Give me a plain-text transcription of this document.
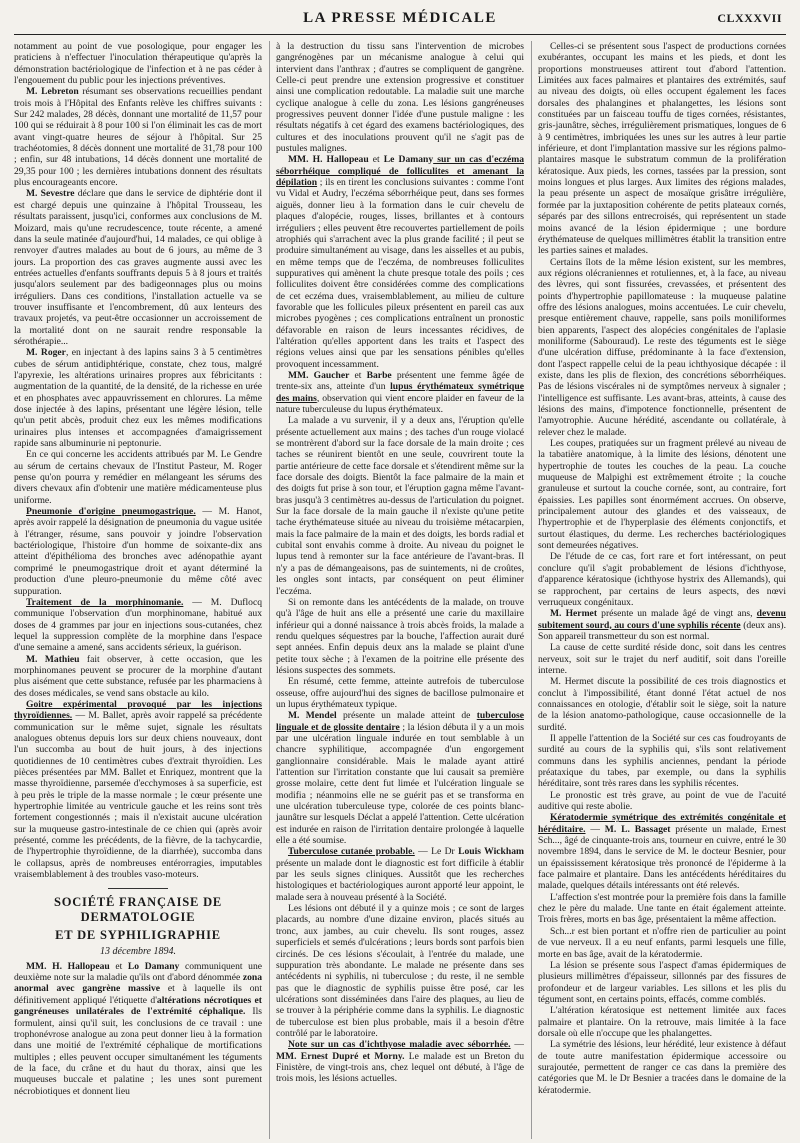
LA PRESSE MÉDICALE	CLXXXVII

notamment au point de vue posologique, pour engager les praticiens à n'effectuer l'inoculation thérapeutique qu'après la démonstration bactériologique de l'infection et à ne pas céder à l'engouement du public pour les injections préventives.

M. Lebreton résumant ses observations recueillies pendant trois mois à l'Hôpital des Enfants relève les chiffres suivants : Sur 242 malades, 28 décès, donnant une mortalité de 11,57 pour 100 qui se réduirait à 8 pour 100 si l'on éliminait les cas de mort avant vingt-quatre heures de séjour à l'hôpital. Sur 25 trachéotomies, 8 décès donnent une mortalité de 31,78 pour 100 ; enfin, sur 48 intubations, 14 décès donnent une mortalité de 29,35 pour 100 ; les dernières intubations donnent des résultats plus encourageants encore.

M. Sevestre déclare que dans le service de diphtérie dont il est chargé depuis une quinzaine à l'hôpital Trousseau, les résultats paraissent, jusqu'ici, conformes aux conclusions de M. Moizard, mais qu'une recrudescence, toute récente, a amené dans la seule matinée d'aujourd'hui, 14 malades, ce qui oblige à renvoyer d'autres malades au bout de 6 jours, au même de 3 jours. La proportion des cas graves augmente aussi avec les entrées actuelles d'enfants souffrants depuis 5 à 8 jours et traités jusqu'alors seulement par des badigeonnages plus ou moins irréguliers. Dans ces conditions, l'installation actuelle va se trouver insuffisante et l'encombrement, dû aux lenteurs des travaux projetés, va peut-être occasionner un accroissement de la mortalité dont on ne saurait rendre responsable la sérothérapie...

M. Roger, en injectant à des lapins sains 3 à 5 centimètres cubes de sérum antidiphtérique, constate, chez tous, malgré l'apyrexie, les altérations urinaires propres aux fébricitants : augmentation de la quantité, de la densité, de la richesse en urée et en phosphates avec appauvrissement en chlorures. La même dose injectée à des lapins, présentant une légère lésion, telle qu'un petit abcès, produit chez eux les mêmes modifications urinaires plus intenses et accompagnées d'amaigrissement rapide sans albuminurie ni peptonurie.

En ce qui concerne les accidents attribués par M. Le Gendre au sérum de certains chevaux de l'Institut Pasteur, M. Roger pense qu'on pourra y remédier en mélangeant les sérums des divers chevaux afin d'obtenir une matière médicamenteuse plus uniforme.

Pneumonie d'origine pneumogastrique. — M. Hanot, après avoir rappelé la désignation de pneumonia du vague usitée à l'étranger, résume, sans pouvoir y joindre l'observation bactériologique, l'histoire d'un homme de soixante-dix ans atteint d'épithélioma des bronches avec adénopathie ayant comprimé le pneumogastrique droit et ayant déterminé la production d'une pleuro-pneumonie du même côté avec suppuration.

Traitement de la morphinomanie. — M. Duflocq communique l'observation d'un morphinomane, habitué aux doses de 4 grammes par jour en injections sous-cutanées, chez lequel la suppression complète de la morphine dans l'espace d'une semaine a amené, sans accidents sérieux, la guérison.

M. Mathieu fait observer, à cette occasion, que les morphinomanes peuvent se procurer de la morphine d'autant plus aisément que cette substance, refusée par les pharmaciens à des doses médicales, se vend sans obstacle au kilo.

Goitre expérimental provoqué par les injections thyroïdiennes. — M. Ballet, après avoir rappelé sa précédente communication sur le même sujet, signale les résultats analogues obtenus depuis lors sur deux chiens nouveaux, dont l'un succomba au bout de huit jours, à des injections quotidiennes de 10 centimètres cubes d'extrait thyroïdien. Les pièces présentées par MM. Ballet et Enriquez, montrent que la masse thyroïdienne, parsemée d'ecchymoses à sa superficie, est à peu près le triple de la masse normale ; le cœur présente une hypertrophie limitée au ventricule gauche et les reins sont très fortement congestionnés ; mais il n'existait aucune ulcération sur la muqueuse gastro-intestinale de ce chien qui (après avoir présenté, comme les précédents, de la fièvre, de la tachycardie, de l'hypertrophie thyroïdienne, de la diarrhée), succomba dans le collapsus, après de nombreuses entérorragies, imputables vraisemblablement à des troubles vaso-moteurs.

SOCIÉTÉ FRANÇAISE DE DERMATOLOGIE
ET DE SYPHILIGRAPHIE
13 décembre 1894.

MM. H. Hallopeau et Lo Damany communiquent une deuxième note sur la maladie qu'ils ont d'abord dénommée zona anormal avec gangrène massive et à laquelle ils ont définitivement appliqué l'étiquette d'altérations nécrotiques et gangréneuses unilatérales de l'extrémité céphalique. Ils formulent, ainsi qu'il suit, les conclusions de ce travail : une trophonévrose analogue au zona peut donner lieu à la formation dans une moitié de l'extrémité céphalique de mortifications multiples ; elles peuvent occuper simultanément les téguments de la face, du crâne et du haut du thorax, ainsi que les muqueuses buccale et palatine ; les unes sont purement nécrobiotiques et donnent lieu

à la destruction du tissu sans l'intervention de microbes gangrénogènes par un mécanisme analogue à celui qui intervient dans l'anthrax ; d'autres se compliquent de gangrène. Celle-ci peut prendre une extension progressive et constituer ainsi une complication redoutable. La maladie suit une marche cyclique analogue à celle du zona. Les lésions gangréneuses progressives peuvent donner l'idée d'une pustule maligne : les résultats négatifs à cet égard des examens bactériologiques, des cultures et des inoculations prouvent qu'il ne s'agit pas de pustules malignes.

MM. H. Hallopeau et Le Damany sur un cas d'eczéma séborrhéique compliqué de folliculites et amenant la dépilation ; ils en tirent les conclusions suivantes : comme l'ont vu Vidal et Audry, l'eczéma séborrhéique peut, dans ses formes aiguës, donner lieu à la formation dans le cuir chevelu de plaques d'alopécie, rouges, lisses, brillantes et à contours irréguliers ; elles peuvent être recouvertes partiellement de poils atrophiés qui s'arrachent avec la plus grande facilité ; il peut se produire simultanément au visage, dans les aisselles et au pubis, en même temps que de l'eczéma, de nombreuses folliculites suppuratives qui amènent la chute presque totale des poils ; ces folliculites doivent être considérées comme des complications de cet eczéma dues, vraisemblablement, au milieu de culture favorable que les follicules pileux présentent en pareil cas aux microbes pyogènes ; ces complications entraînent un pronostic défavorable en raison de leurs incessantes récidives, de l'altération qu'elles apportent dans les traits et l'aspect des régions velues ainsi que par les sensations pénibles qu'elles provoquent incessamment.

MM. Gaucher et Barbe présentent une femme âgée de trente-six ans, atteinte d'un lupus érythémateux symétrique des mains, observation qui vient encore plaider en faveur de la nature tuberculeuse du lupus érythémateux.

La malade a vu survenir, il y a deux ans, l'éruption qu'elle présente actuellement aux mains ; des taches d'un rouge violacé se montrèrent d'abord sur la face dorsale de la main droite ; ces taches se réunirent bientôt en une seule, couvrirent toute la partie antérieure de cette face dorsale et s'étendirent même sur la face dorsale des doigts. Bientôt la face palmaire de la main et des doigts fut prise à son tour, et l'éruption gagna même l'avant-bras jusqu'à 3 centimètres au-dessus de l'articulation du poignet. Sur la face dorsale de la main gauche il n'existe qu'une petite tache érythémateuse située au niveau du troisième métacarpien, mais la face palmaire de la main et des doigts, les bords radial et cubital sont envahis comme à droite. Au niveau du poignet le lupus tend à remonter sur la face antérieure de l'avant-bras. Il n'y a pas de démangeaisons, pas de suintements, ni de croûtes, les ongles sont intacts, par conséquent on peut éliminer l'eczéma.

Si on remonte dans les antécédents de la malade, on trouve qu'à l'âge de huit ans elle a présenté une carie du maxillaire inférieur qui a donné naissance à trois abcès froids, la malade a rendu quelques séquestres par la bouche, l'affection aurait duré sept années. Enfin depuis deux ans la malade se plaint d'une petite toux sèche ; à l'examen de la poitrine elle présente des lésions suspectes des sommets.

En résumé, cette femme, atteinte autrefois de tuberculose osseuse, offre aujourd'hui des signes de bacillose pulmonaire et un lupus érythémateux typique.

M. Mendel présente un malade atteint de tuberculose linguale et de glossite dentaire ; la lésion débuta il y a un mois par une ulcération linguale indurée en tout semblable à un chancre syphilitique, accompagnée d'un engorgement ganglionnaire considérable. Mais le malade ayant attiré l'attention sur l'irritation constante que lui causait sa première grosse molaire, cette dent fut limée et l'ulcération linguale se modifia ; néanmoins elle ne se guérit pas et se transforma en une ulcération tuberculeuse type, colorée de ces points blanc-jaunâtre sur lesquels Déclat a appelé l'attention. Cette ulcération est indurée en raison de l'irritation dentaire prolongée à laquelle elle a été soumise.

Tuberculose cutanée probable. — Le Dr Louis Wickham présente un malade dont le diagnostic est fort difficile à établir par les seuls signes cliniques. Aussitôt que les recherches histologiques et bactériologiques auront apporté leur appoint, le malade sera à nouveau présenté à la Société.

Les lésions ont débuté il y a quinze mois ; ce sont de larges placards, au nombre d'une dizaine environ, placés situés au tronc, aux jambes, au cuir chevelu. Ils sont rouges, assez superficiels et semés d'ulcérations ; leurs bords sont parfois bien circinés. De ces lésions s'écoulait, à l'entrée du malade, une suppuration très abondante. Le malade ne présente dans ses antécédents ni syphilis, ni tuberculose ; du reste, il ne semble pas que le diagnostic de syphilis puisse être posé, car les ulcérations sont disséminées dans l'aire des plaques, au lieu de se trouver à la périphérie comme dans la syphilis. Le diagnostic de tuberculose est bien plus probable, mais il a besoin d'être contrôlé par le laboratoire.

Note sur un cas d'ichthyose maladie avec séborrhée. — MM. Ernest Dupré et Morny. Le malade est un Breton du Finistère, de vingt-trois ans, chez lequel ont débuté, à l'âge de trois mois, les lésions actuelles.

Celles-ci se présentent sous l'aspect de productions cornées exubérantes, occupant les mains et les pieds, et dont les proportions monstrueuses attirent tout d'abord l'attention. Limitées aux faces palmaires et plantaires des extrémités, sauf au niveau des doigts, où elles occupent également les faces dorsales des phalangines et phalangettes, les lésions sont constituées par un faisceau touffu de tiges cornées, résistantes, gris-jaunâtre, sèches, irrégulièrement prismatiques, longues de 6 à 9 centimètres, imbriquées les unes sur les autres à leur partie inférieure, et dont l'implantation massive sur les régions palmo-plantaires masque le substratum commun de la prolifération kératosique. Aux pieds, les cornes, tassées par la pression, sont moins longues et plus larges. Aux limites des régions malades, la peau présente un aspect de mosaïque grisâtre irrégulière, formée par la juxtaposition cohérente de petits plateaux cornés, séparés par des sillons entrecroisés, qui représentent un stade moins avancé de la lésion épidermique ; une bordure érythémateuse de quelques millimètres établit la transition entre les parties saines et malades.

Certains îlots de la même lésion existent, sur les membres, aux régions olécraniennes et rotuliennes, et, à la face, au niveau des lèvres, qui sont fissurées, crevassées, et présentent des points d'hypertrophie papillomateuse : la muqueuse palatine offre des lésions analogues, moins accentuées. Le cuir chevelu, presque entièrement chauve, rappelle, sans poils moniliformes bien apparents, l'aspect des alopécies congénitales de l'aplasie moniliforme (Sabouraud). Le reste des téguments est le siège d'une ulcération diffuse, prédominante à la face d'extension, dont l'aspect rappelle celui de la peau ichthyosique décapée : il existe, dans les plis de flexion, des concrétions séborrhéiques. Pas de lésions viscérales ni de symptômes nerveux à signaler ; l'intelligence est suffisante. Les avant-bras, atteints, à cause des lésions des mains, d'impotence fonctionnelle, présentent de l'amyotrophie. Aucune hérédité, ascendante ou collatérale, à relever chez le malade.

Les coupes, pratiquées sur un fragment prélevé au niveau de la tabatière anatomique, à la limite des lésions, dénotent une hypertrophie de toutes les couches de la peau. La couche muqueuse de Malpighi est extrêmement étroite ; la couche granuleuse et surtout la couche cornée, sont, au contraire, fort épaissies. Les papilles sont énormément accrues. On observe, principalement autour des glandes et des vaisseaux, de l'hypertrophie et de l'hyperplasie des éléments conjonctifs, et surtout élastiques, du derme. Les recherches bactériologiques sont demeurées négatives.

De l'étude de ce cas, fort rare et fort intéressant, on peut conclure qu'il s'agit probablement de lésions d'ichthyose, d'apparence kératosique (ichthyose hystrix des Allemands), qui se rapprochent, par certains de leurs aspects, des nœvi verruqueux congénitaux.

M. Hermet présente un malade âgé de vingt ans, devenu subitement sourd, au cours d'une syphilis récente (deux ans). Son appareil transmetteur du son est normal.

La cause de cette surdité réside donc, soit dans les centres nerveux, soit sur le trajet du nerf auditif, soit dans l'oreille interne.

M. Hermet discute la possibilité de ces trois diagnostics et conclut à l'impossibilité, étant donné l'état actuel de nos connaissances en otologie, d'établir soit le siège, soit la nature de la lésion anatomo-pathologique, cause occasionnelle de la surdité.

Il appelle l'attention de la Société sur ces cas foudroyants de surdité au cours de la syphilis qui, s'ils sont relativement communs dans les syphilis anciennes, pendant la période préataxique du tabes, par exemple, ou dans la syphilis héréditaire, sont très rares dans les syphilis récentes.

Le pronostic est très grave, au point de vue de l'acuité auditive qui reste abolie.

Kératodermie symétrique des extrémités congénitale et héréditaire. — M. L. Bassaget présente un malade, Ernest Sch..., âgé de cinquante-trois ans, tourneur en cuivre, entré le 30 novembre 1894, dans le service de M. le docteur Besnier, pour un épaississement kératosique très prononcé de l'épiderme à la face palmaire et plantaire. Dans les antécédents héréditaires du malade, quelques détails intéressants ont été relevés.

L'affection s'est montrée pour la première fois dans la famille chez le père du malade. Une tante en était également atteinte. Trois frères, morts en bas âge, présentaient la même affection.

Sch...r est bien portant et n'offre rien de particulier au point de vue nerveux. Il a eu neuf enfants, parmi lesquels une fille, morte en bas âge, avait de la kératodermie.

La lésion se présente sous l'aspect d'amas épidermiques de plusieurs millimètres d'épaisseur, sillonnés par des fissures de profondeur et de largeur variables. Les sillons et les plis du tégument sont, en certains points, effacés, comme comblés.

L'altération kératosique est nettement limitée aux faces palmaire et plantaire. On la retrouve, mais limitée à la face dorsale où elle n'occupe que les phalangettes.

La symétrie des lésions, leur hérédité, leur existence à défaut de toute autre manifestation épidermique accessoire ou surajoutée, permettent de ranger ce cas dans la première des catégories que M. le Dr Besnier a tracées dans le domaine de la kératodermie.
